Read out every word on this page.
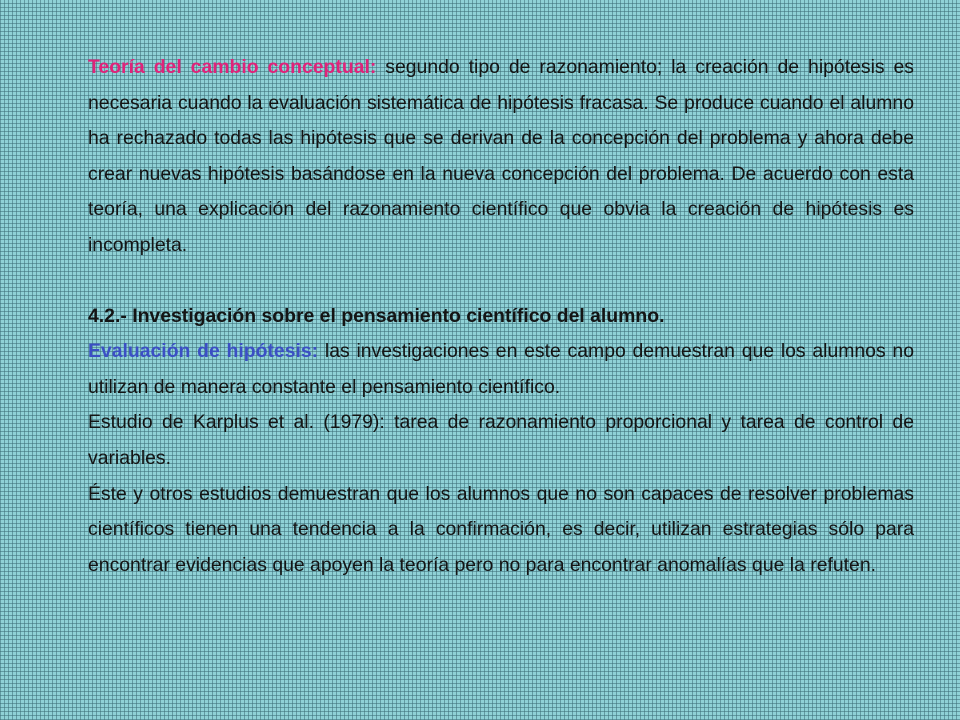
Teoría del cambio conceptual: segundo tipo de razonamiento; la creación de hipótesis es necesaria cuando la evaluación sistemática de hipótesis fracasa. Se produce cuando el alumno ha rechazado todas las hipótesis que se derivan de la concepción del problema y ahora debe crear nuevas hipótesis basándose en la nueva concepción del problema. De acuerdo con esta teoría, una explicación del razonamiento científico que obvia la creación de hipótesis es incompleta.

4.2.- Investigación sobre el pensamiento científico del alumno.

Evaluación de hipótesis: las investigaciones en este campo demuestran que los alumnos no utilizan de manera constante el pensamiento científico.

Estudio de Karplus et al. (1979): tarea de razonamiento proporcional y tarea de control de variables.

Éste y otros estudios demuestran que los alumnos que no son capaces de resolver problemas científicos tienen una tendencia a la confirmación, es decir, utilizan estrategias sólo para encontrar evidencias que apoyen la teoría pero no para encontrar anomalías que la refuten.
